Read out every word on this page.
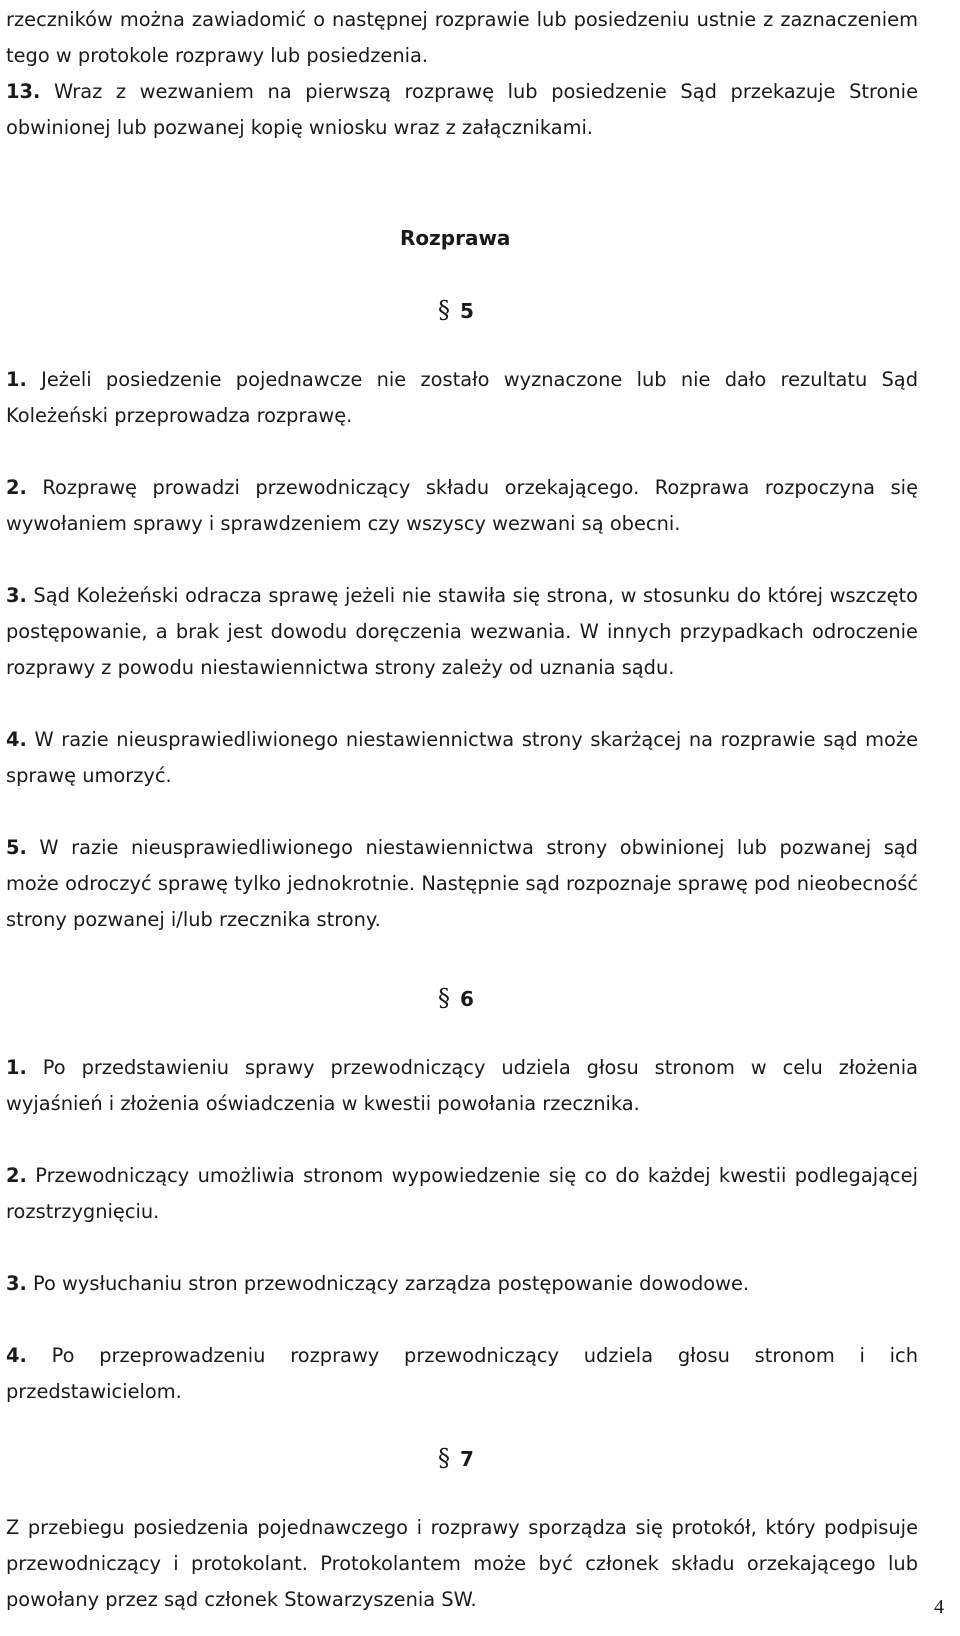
rzeczników można zawiadomić o następnej rozprawie lub posiedzeniu ustnie z zaznaczeniem tego w protokole rozprawy lub posiedzenia.

13. Wraz z wezwaniem na pierwszą rozprawę lub posiedzenie Sąd przekazuje Stronie obwinionej lub pozwanej kopię wniosku wraz z załącznikami.

Rozprawa
§ 5

1. Jeżeli posiedzenie pojednawcze nie zostało wyznaczone lub nie dało rezultatu Sąd Koleżeński przeprowadza rozprawę.

2. Rozprawę prowadzi przewodniczący składu orzekającego. Rozprawa rozpoczyna się wywołaniem sprawy i sprawdzeniem czy wszyscy wezwani są obecni.

3. Sąd Koleżeński odracza sprawę jeżeli nie stawiła się strona, w stosunku do której wszczęto postępowanie, a brak jest dowodu doręczenia wezwania. W innych przypadkach odroczenie rozprawy z powodu niestawiennictwa strony zależy od uznania sądu.

4. W razie nieusprawiedliwionego niestawiennictwa strony skarżącej na rozprawie sąd może sprawę umorzyć.

5. W razie nieusprawiedliwionego niestawiennictwa strony obwinionej lub pozwanej sąd może odroczyć sprawę tylko jednokrotnie. Następnie sąd rozpoznaje sprawę pod nieobecność strony pozwanej i/lub rzecznika strony.

§ 6

1. Po przedstawieniu sprawy przewodniczący udziela głosu stronom w celu złożenia wyjaśnień i złożenia oświadczenia w kwestii powołania rzecznika.

2. Przewodniczący umożliwia stronom wypowiedzenie się co do każdej kwestii podlegającej rozstrzygnięciu.

3. Po wysłuchaniu stron przewodniczący zarządza postępowanie dowodowe.

4. Po przeprowadzeniu rozprawy przewodniczący udziela głosu stronom i ich przedstawicielom.

§ 7

Z przebiegu posiedzenia pojednawczego i rozprawy sporządza się protokół, który podpisuje przewodniczący i protokolant. Protokolantem może być członek składu orzekającego lub powołany przez sąd członek Stowarzyszenia SW.	4
